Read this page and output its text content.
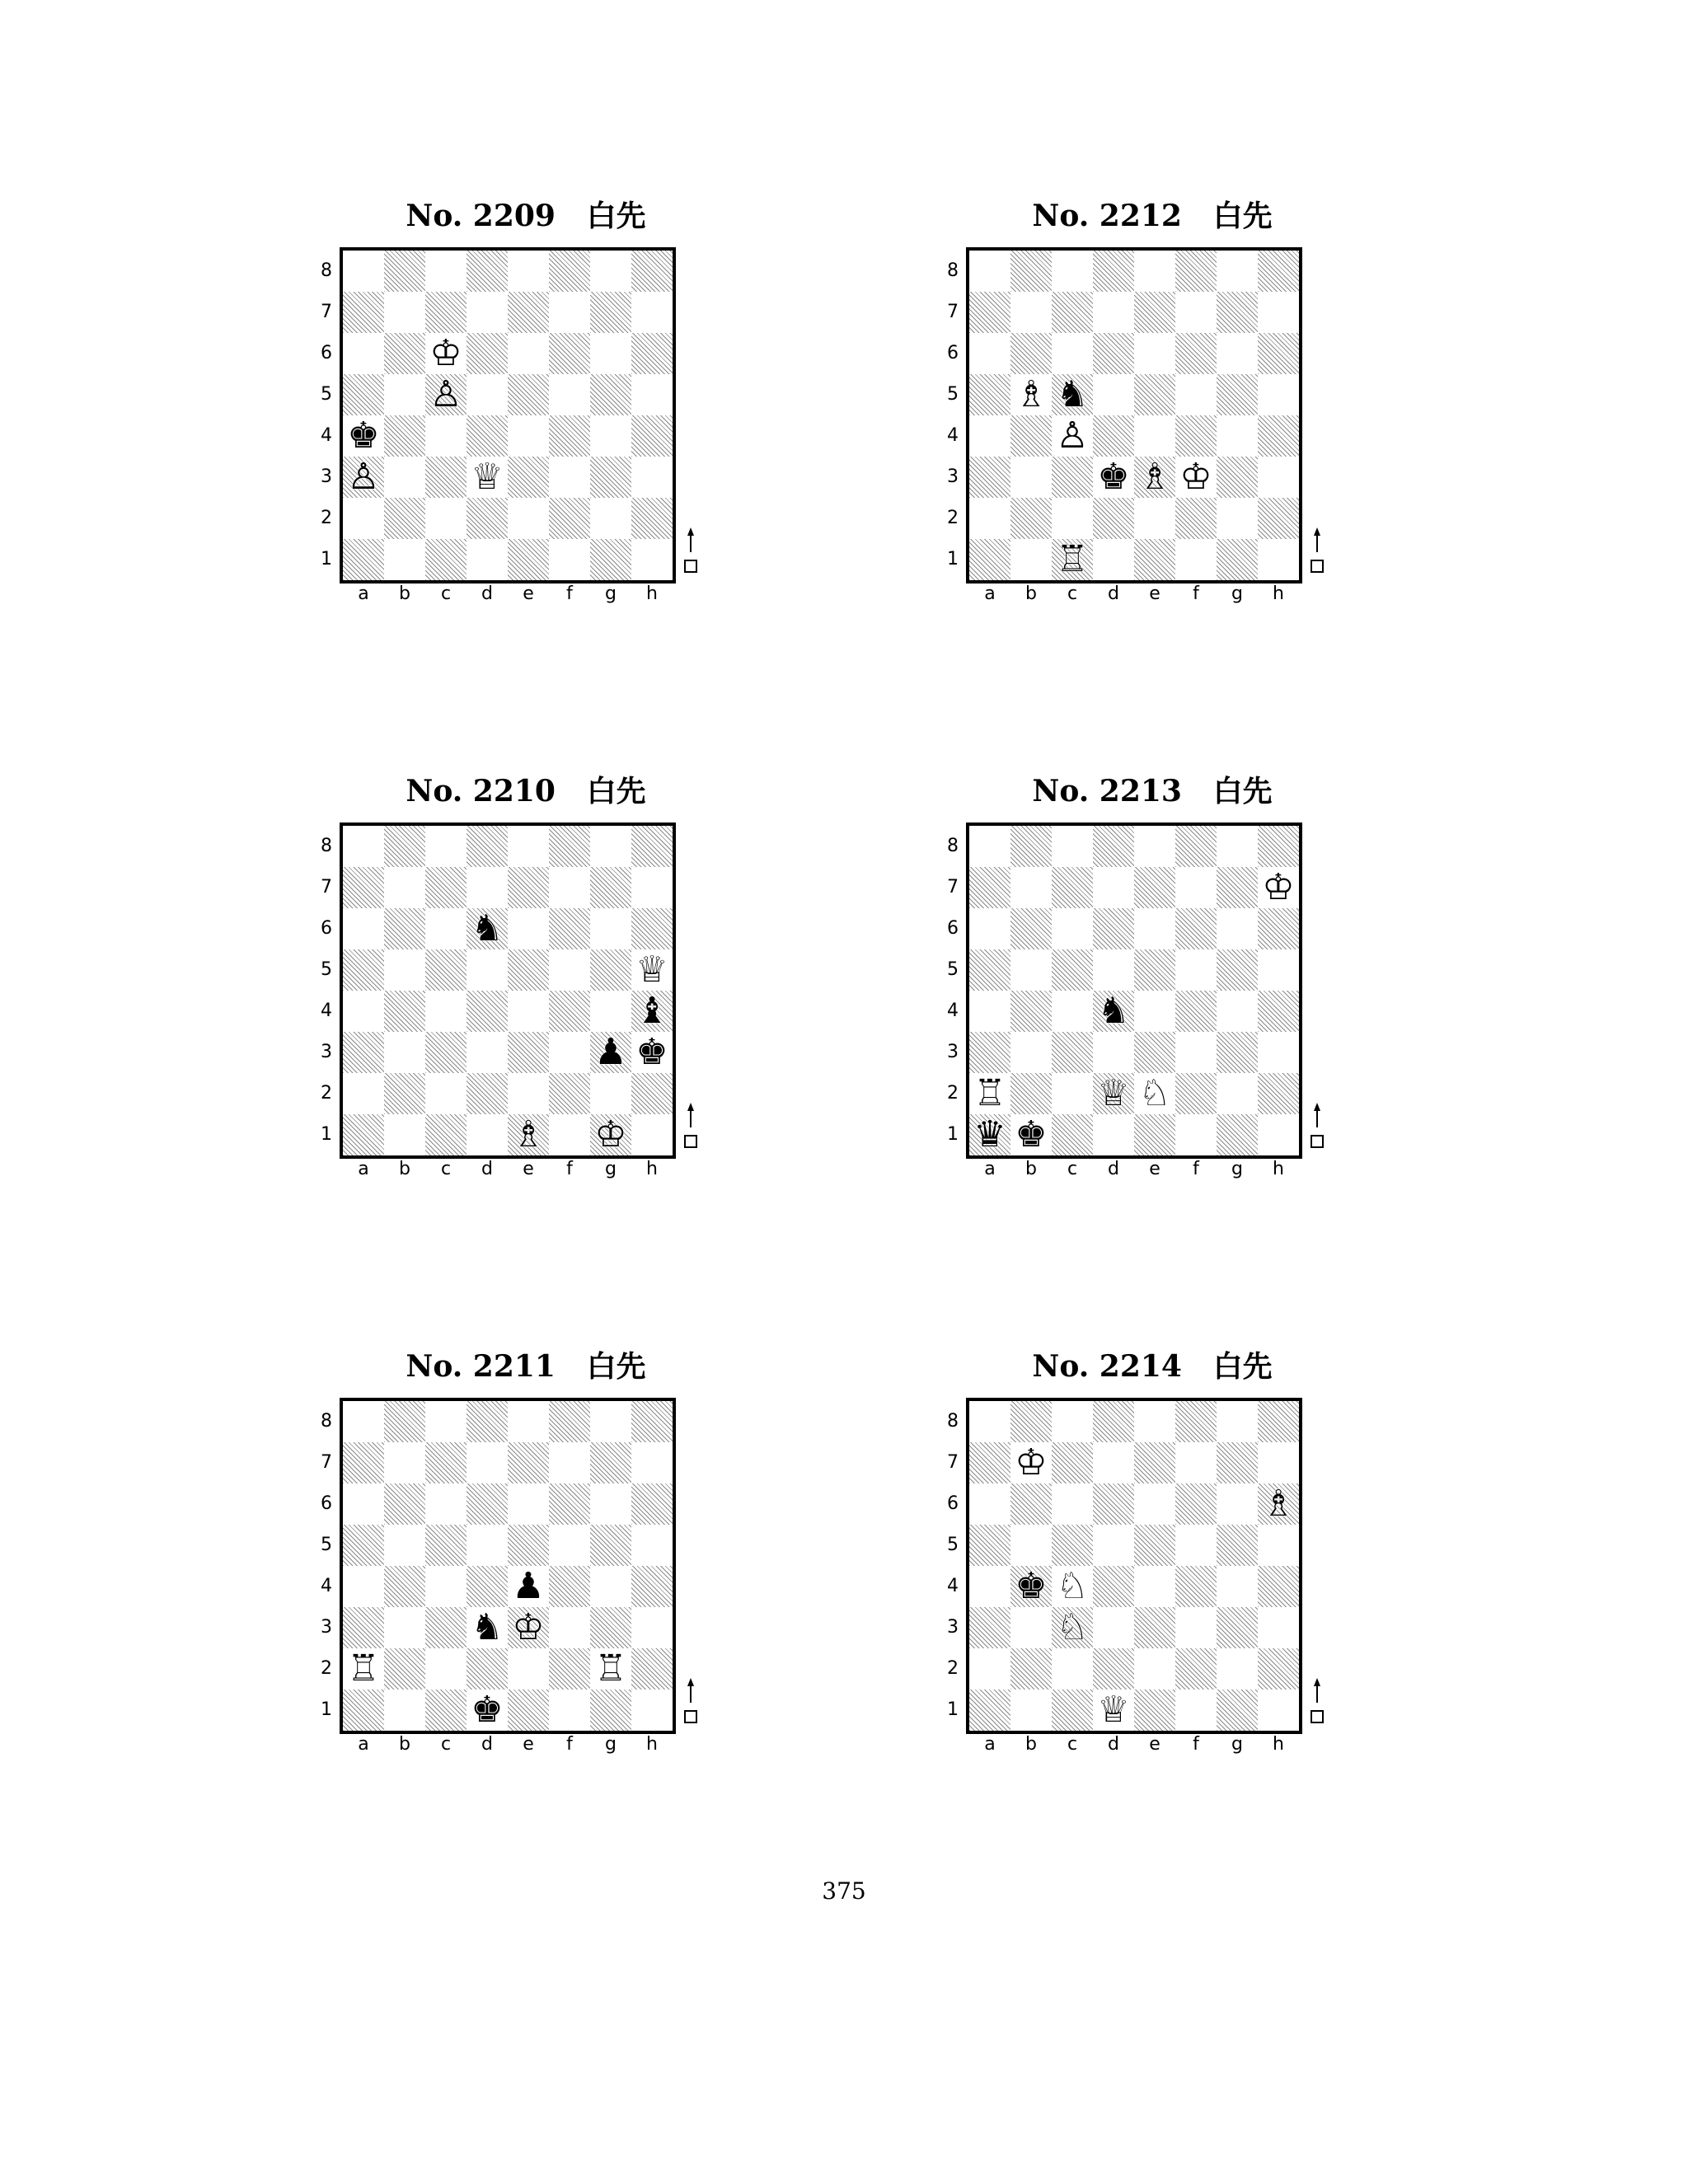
No. 2209   白先
8
7
6
5
4
3
2
1
♔
♙
♚
♙	♕
a	b	c	d	e	f	g	h
No. 2212   白先
8
7
6
5
4
3
2
1
♗ ♞
♙
♚ ♗ ♔
♖
a	b	c	d	e	f	g	h
No. 2210   白先
8
7
6
5
4
3
2
1
♞
♕
♝
♟ ♚
♗ ♔
a	b	c	d	e	f	g	h
No. 2213   白先
8
7
6
5
4
3
2
1
♔
♞
♖	♕ ♘
♛ ♚
a	b	c	d	e	f	g	h
No. 2211   白先
8
7
6
5
4
3
2
1
♟
♞ ♔
♖	♖
♚
a	b	c	d	e	f	g	h
No. 2214   白先
8
7
6
5
4
3
2
1
♔
♗
♚ ♘
♘
♕
a	b	c	d	e	f	g	h
375
